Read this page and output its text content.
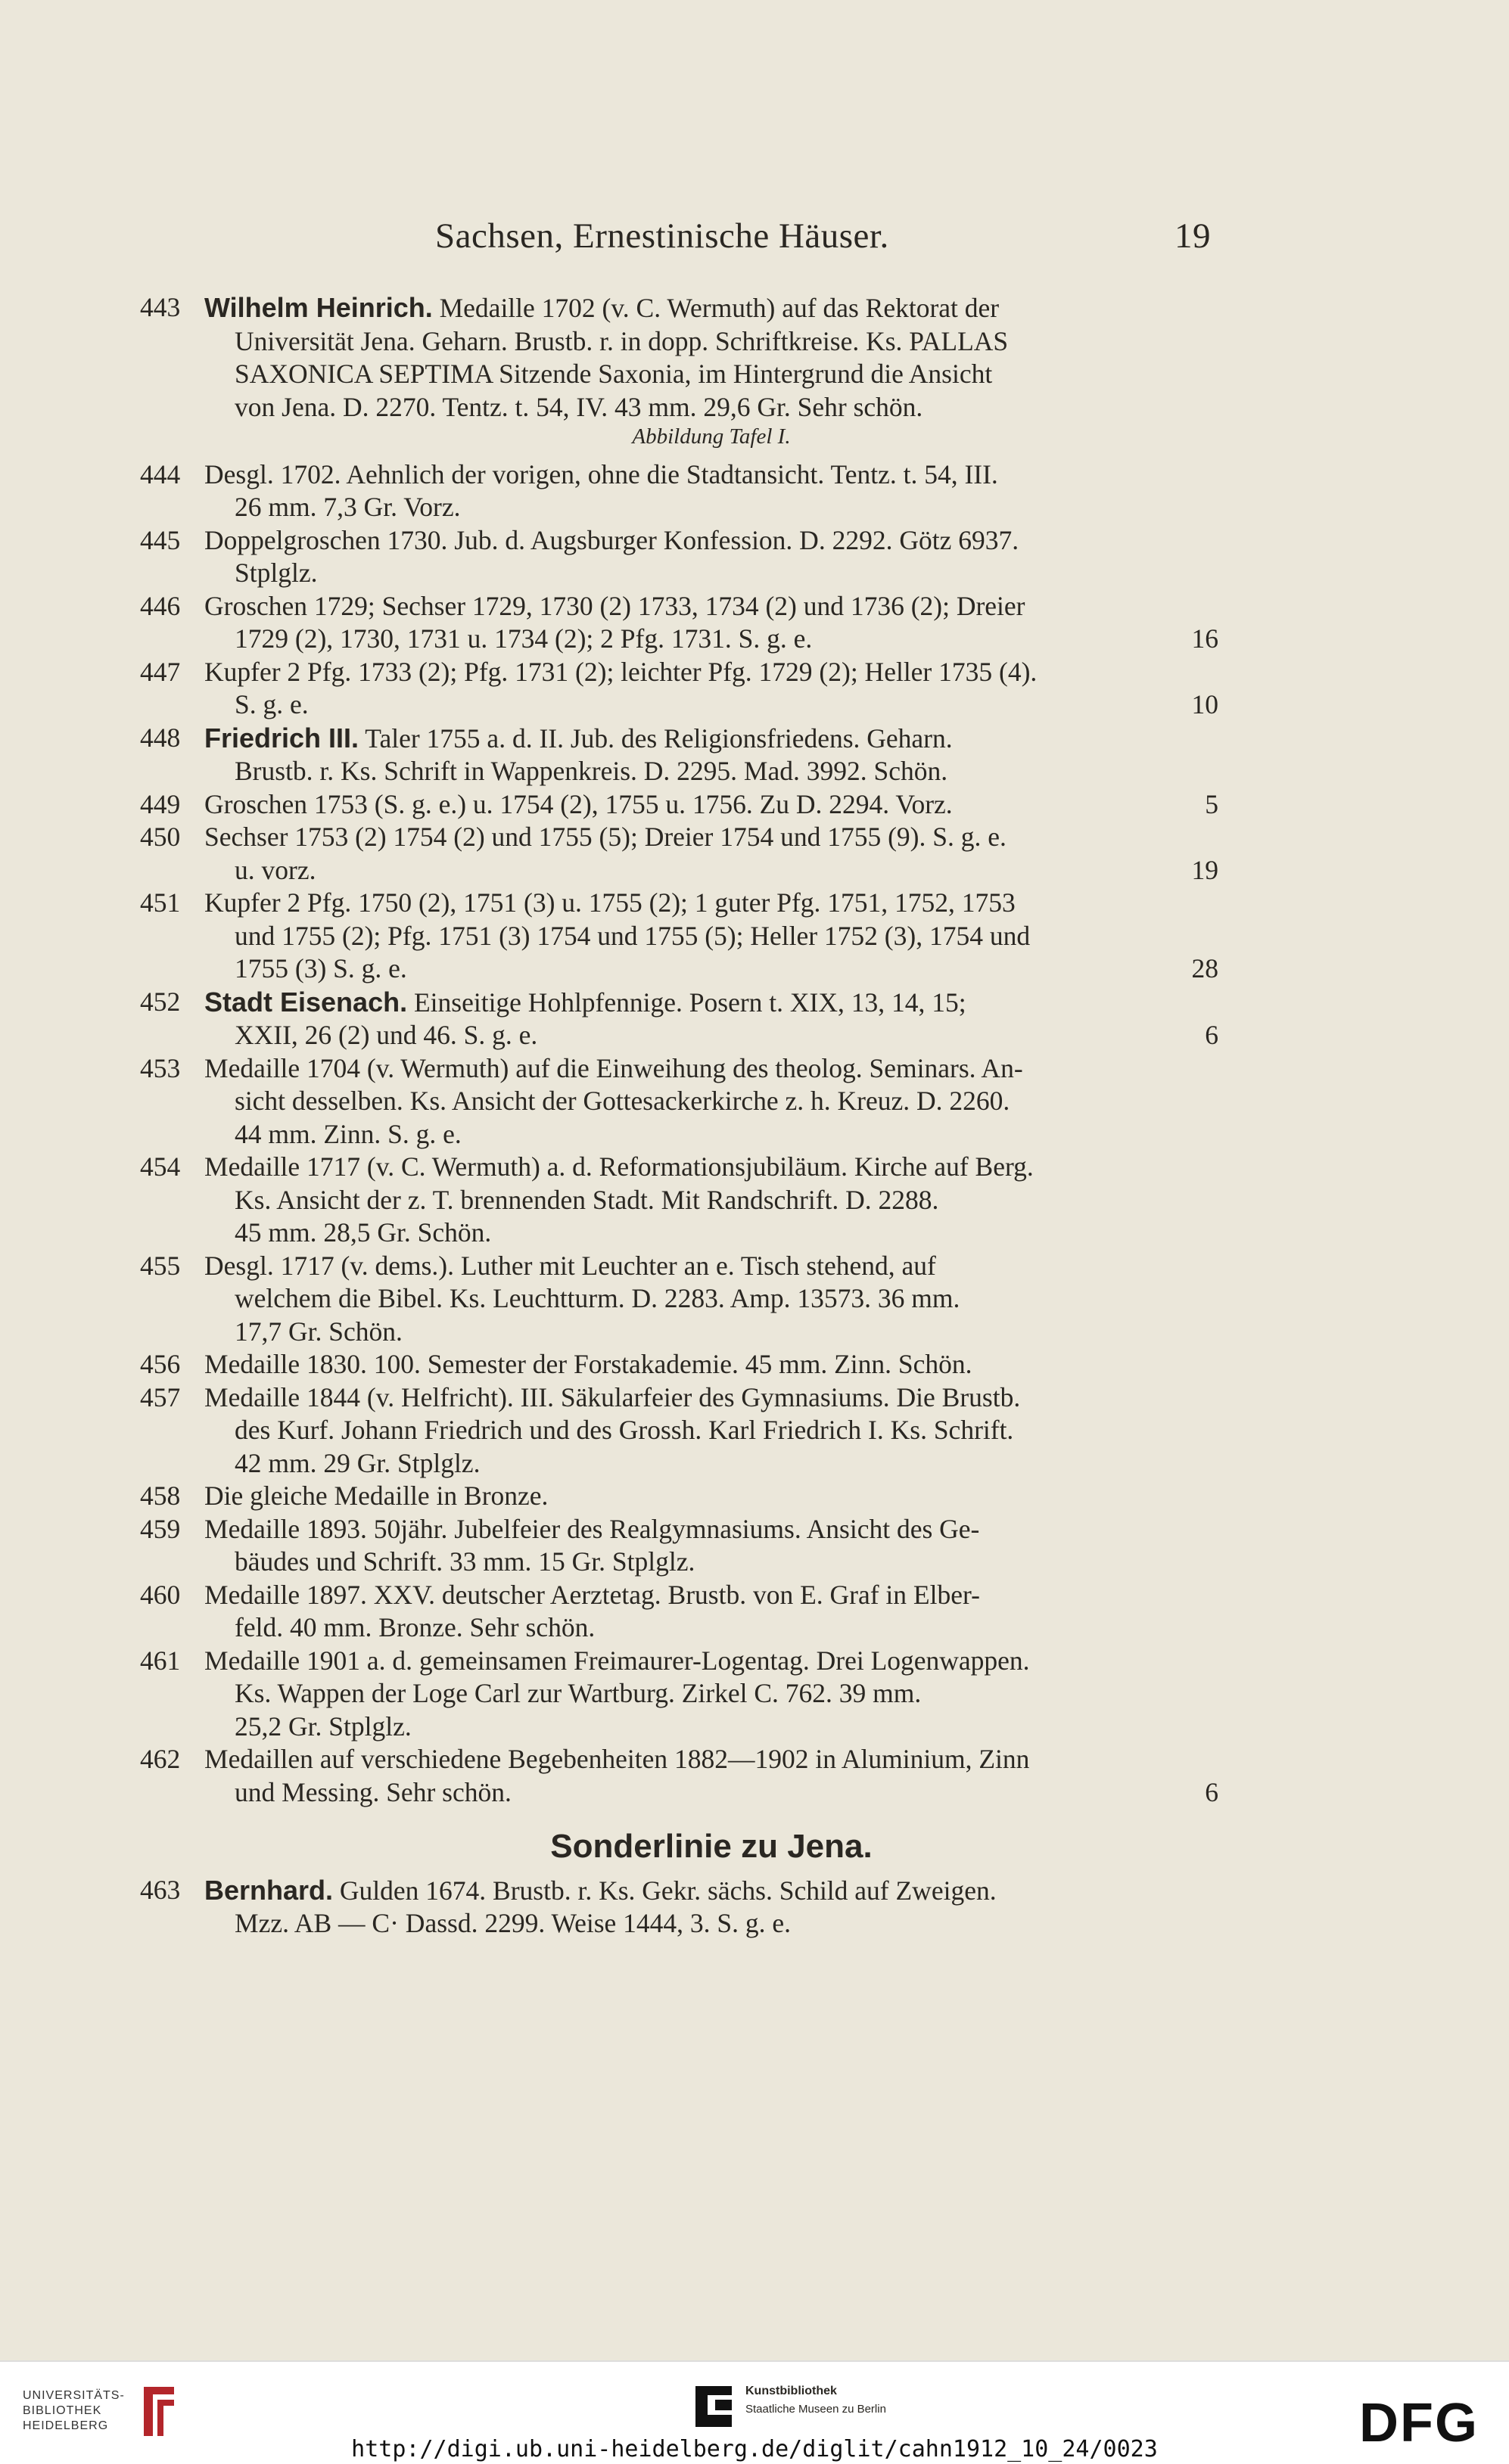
Sachsen, Ernestinische Häuser.	19
443 Wilhelm Heinrich. Medaille 1702 (v. C. Wermuth) auf das Rektorat der
Universität Jena. Geharn. Brustb. r. in dopp. Schriftkreise. Ks. PALLAS
SAXONICA SEPTIMA Sitzende Saxonia, im Hintergrund die Ansicht
von Jena. D. 2270. Tentz. t. 54, IV. 43 mm. 29,6 Gr. Sehr schön.
Abbildung Tafel I.
444 Desgl. 1702. Aehnlich der vorigen, ohne die Stadtansicht. Tentz. t. 54, III.
26 mm. 7,3 Gr. Vorz.
445 Doppelgroschen 1730. Jub. d. Augsburger Konfession. D. 2292. Götz 6937.
Stplglz.
446 Groschen 1729; Sechser 1729, 1730 (2) 1733, 1734 (2) und 1736 (2); Dreier
1729 (2), 1730, 1731 u. 1734 (2); 2 Pfg. 1731. S. g. e.	16
447 Kupfer 2 Pfg. 1733 (2); Pfg. 1731 (2); leichter Pfg. 1729 (2); Heller 1735 (4).
S. g. e.	10
448 Friedrich III. Taler 1755 a. d. II. Jub. des Religionsfriedens. Geharn.
Brustb. r. Ks. Schrift in Wappenkreis. D. 2295. Mad. 3992. Schön.
449 Groschen 1753 (S. g. e.) u. 1754 (2), 1755 u. 1756. Zu D. 2294. Vorz.	5
450 Sechser 1753 (2) 1754 (2) und 1755 (5); Dreier 1754 und 1755 (9). S. g. e.
u. vorz.	19
451 Kupfer 2 Pfg. 1750 (2), 1751 (3) u. 1755 (2); 1 guter Pfg. 1751, 1752, 1753
und 1755 (2); Pfg. 1751 (3) 1754 und 1755 (5); Heller 1752 (3), 1754 und
1755 (3) S. g. e.	28
452 Stadt Eisenach. Einseitige Hohlpfennige. Posern t. XIX, 13, 14, 15;
XXII, 26 (2) und 46. S. g. e.	6
453 Medaille 1704 (v. Wermuth) auf die Einweihung des theolog. Seminars. An-
sicht desselben. Ks. Ansicht der Gottesackerkirche z. h. Kreuz. D. 2260.
44 mm. Zinn. S. g. e.
454 Medaille 1717 (v. C. Wermuth) a. d. Reformationsjubiläum. Kirche auf Berg.
Ks. Ansicht der z. T. brennenden Stadt. Mit Randschrift. D. 2288.
45 mm. 28,5 Gr. Schön.
455 Desgl. 1717 (v. dems.). Luther mit Leuchter an e. Tisch stehend, auf
welchem die Bibel. Ks. Leuchtturm. D. 2283. Amp. 13573. 36 mm.
17,7 Gr. Schön.
456 Medaille 1830. 100. Semester der Forstakademie. 45 mm. Zinn. Schön.
457 Medaille 1844 (v. Helfricht). III. Säkularfeier des Gymnasiums. Die Brustb.
des Kurf. Johann Friedrich und des Grossh. Karl Friedrich I. Ks. Schrift.
42 mm. 29 Gr. Stplglz.
458 Die gleiche Medaille in Bronze.
459 Medaille 1893. 50jähr. Jubelfeier des Realgymnasiums. Ansicht des Ge-
bäudes und Schrift. 33 mm. 15 Gr. Stplglz.
460 Medaille 1897. XXV. deutscher Aerztetag. Brustb. von E. Graf in Elber-
feld. 40 mm. Bronze. Sehr schön.
461 Medaille 1901 a. d. gemeinsamen Freimaurer-Logentag. Drei Logenwappen.
Ks. Wappen der Loge Carl zur Wartburg. Zirkel C. 762. 39 mm.
25,2 Gr. Stplglz.
462 Medaillen auf verschiedene Begebenheiten 1882—1902 in Aluminium, Zinn
und Messing. Sehr schön.	6
Sonderlinie zu Jena.
463 Bernhard. Gulden 1674. Brustb. r. Ks. Gekr. sächs. Schild auf Zweigen.
Mzz. AB — C· Dassd. 2299. Weise 1444, 3. S. g. e.
UNIVERSITÄTS-
BIBLIOTHEK
HEIDELBERG
Kunstbibliothek
Staatliche Museen zu Berlin	DFG
http://digi.ub.uni-heidelberg.de/diglit/cahn1912_10_24/0023
